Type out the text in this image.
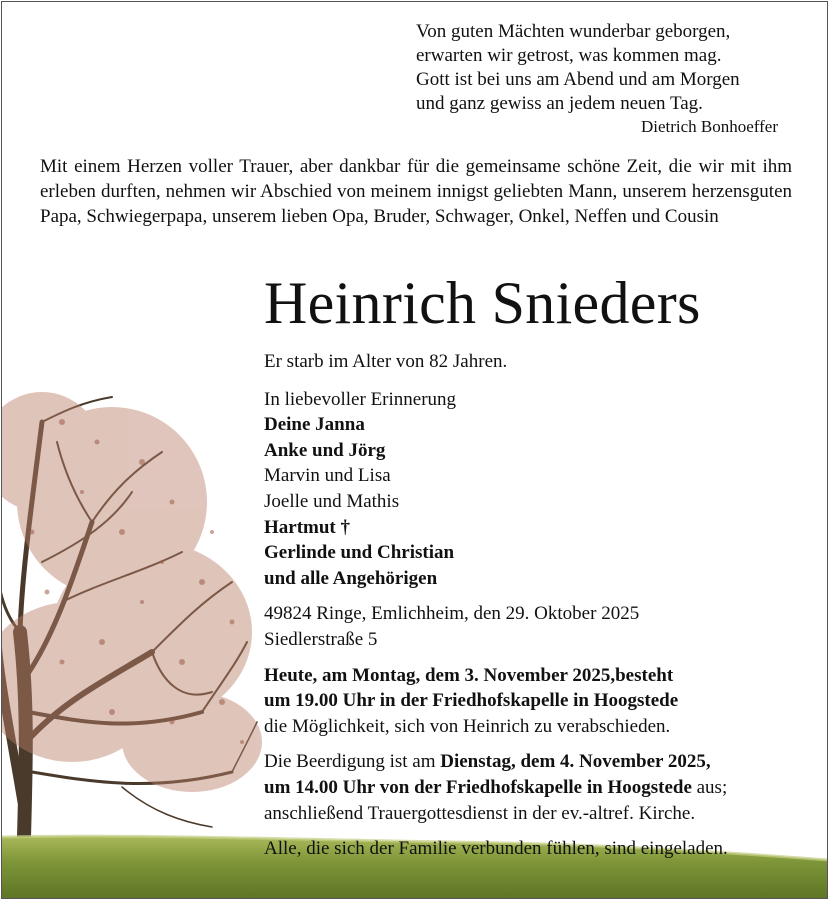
Von guten Mächten wunderbar geborgen,
erwarten wir getrost, was kommen mag.
Gott ist bei uns am Abend und am Morgen
und ganz gewiss an jedem neuen Tag.
Dietrich Bonhoeffer
Mit einem Herzen voller Trauer, aber dankbar für die gemeinsame schöne Zeit, die wir mit ihm erleben durften, nehmen wir Abschied von meinem innigst geliebten Mann, unserem herzensguten Papa, Schwiegerpapa, unserem lieben Opa, Bruder, Schwager, Onkel, Neffen und Cousin
Heinrich Snieders
Er starb im Alter von 82 Jahren.
In liebevoller Erinnerung
Deine Janna
Anke und Jörg
Marvin und Lisa
Joelle und Mathis
Hartmut †
Gerlinde und Christian
und alle Angehörigen
49824 Ringe, Emlichheim, den 29. Oktober 2025
Siedlerstraße 5
Heute, am Montag, dem 3. November 2025,besteht
um 19.00 Uhr in der Friedhofskapelle in Hoogstede
die Möglichkeit, sich von Heinrich zu verabschieden.
Die Beerdigung ist am Dienstag, dem 4. November 2025,
um 14.00 Uhr von der Friedhofskapelle in Hoogstede aus;
anschließend Trauergottesdienst in der ev.-altref. Kirche.
Alle, die sich der Familie verbunden fühlen, sind eingeladen.
